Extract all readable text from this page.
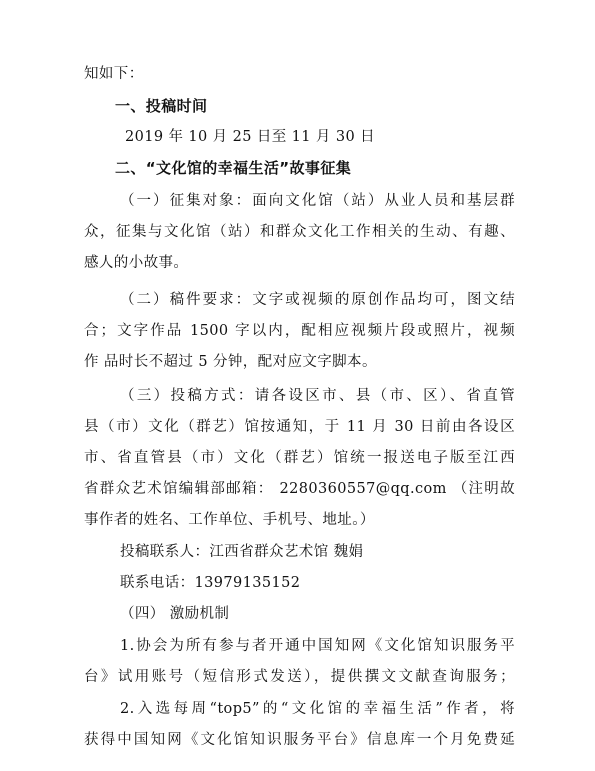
知如下：
一、投稿时间
2019 年 10 月 25 日至 11 月 30 日
二、“文化馆的幸福生活”故事征集
（一）征集对象：面向文化馆（站）从业人员和基层群
众，征集与文化馆（站）和群众文化工作相关的生动、有趣、
感人的小故事。
（二）稿件要求：文字或视频的原创作品均可，图文结
合；文字作品 1500 字以内，配相应视频片段或照片，视频
作 品时长不超过 5 分钟，配对应文字脚本。
（三）投稿方式：请各设区市、县（市、区）、省直管
县（市）文化（群艺）馆按通知，于 11 月 30 日前由各设区
市、省直管县（市）文化（群艺）馆统一报送电子版至江西
省群众艺术馆编辑部邮箱： 2280360557@qq.com （注明故
事作者的姓名、工作单位、手机号、地址。）
投稿联系人：江西省群众艺术馆 魏娟
联系电话：13979135152
（四） 激励机制
1.协会为所有参与者开通中国知网《文化馆知识服务平
台》试用账号（短信形式发送），提供撰文文献查询服务；
2.入选每周“top5”的“文化馆的幸福生活”作者，将
获得中国知网《文化馆知识服务平台》信息库一个月免费延
